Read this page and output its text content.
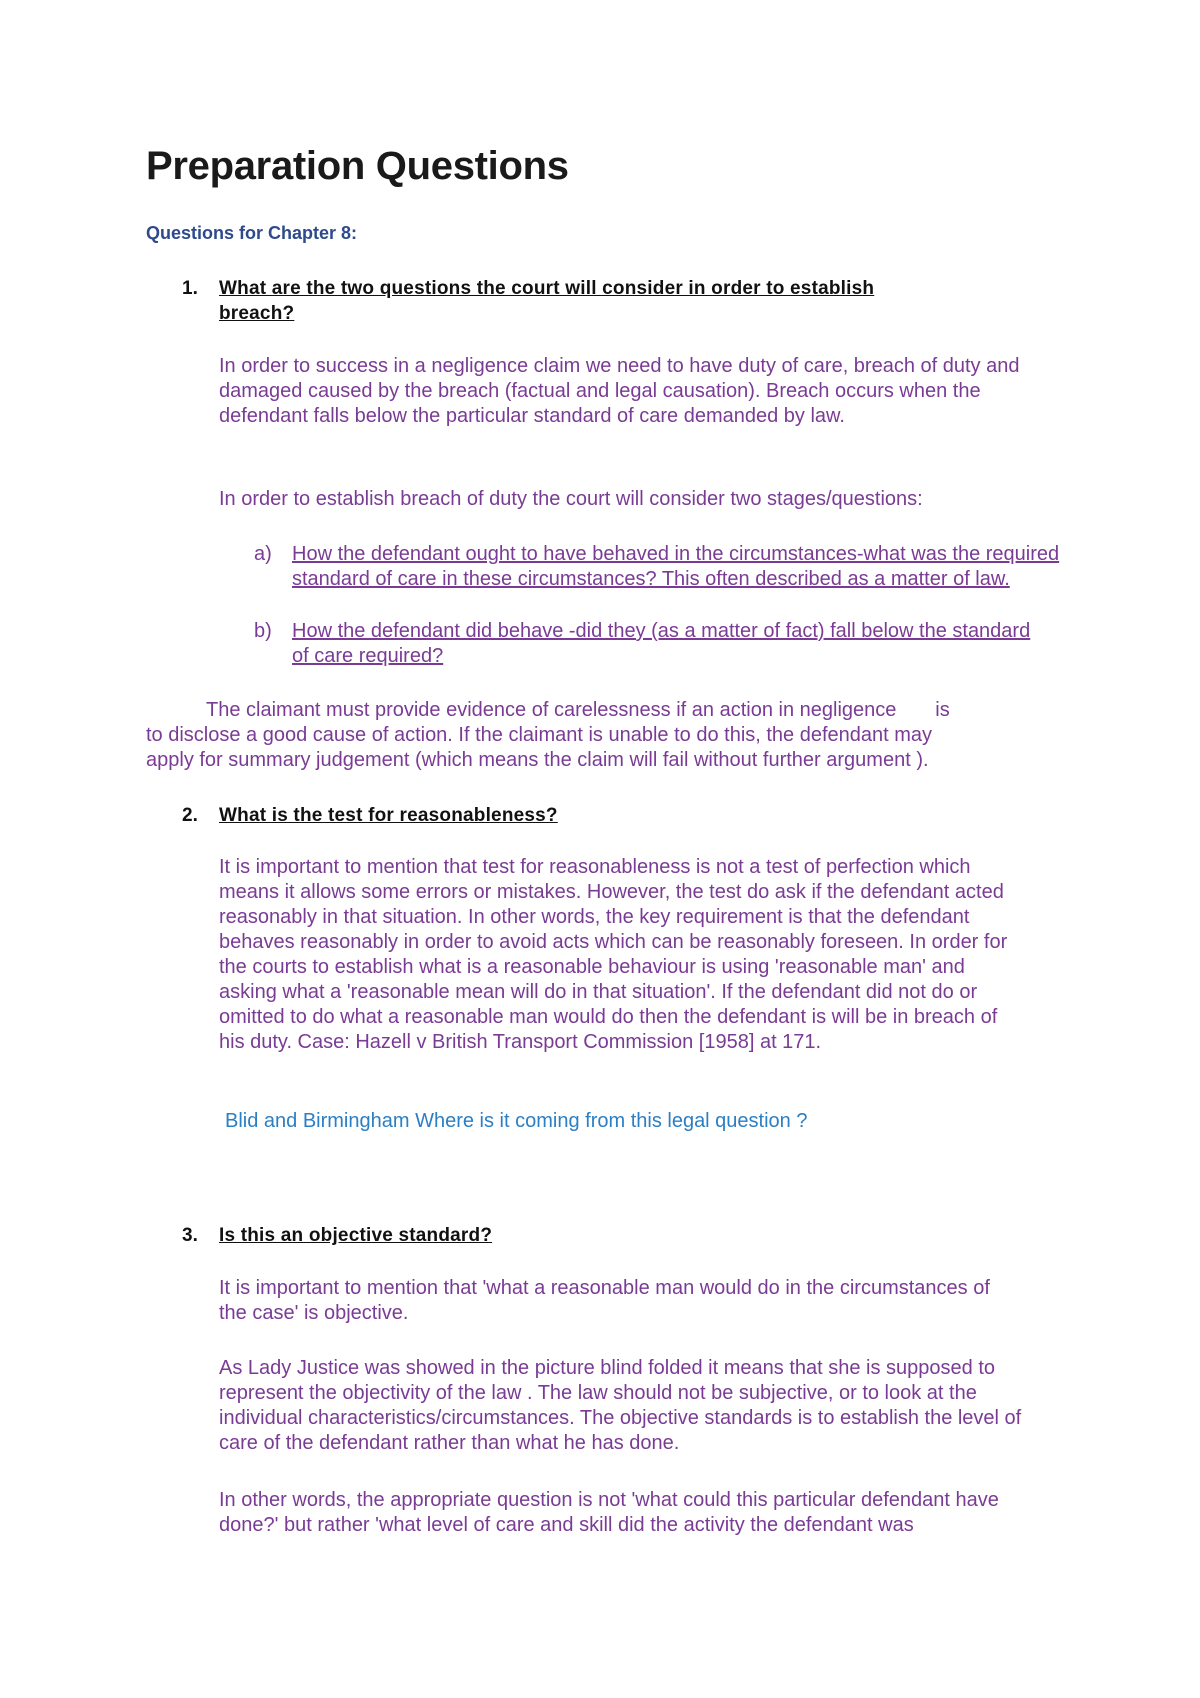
Preparation Questions
Questions for Chapter 8:
1. What are the two questions the court will consider in order to establish
breach?

In order to success in a negligence claim we need to have duty of care, breach of duty and damaged caused by the breach (factual and legal causation). Breach occurs when the defendant falls below the particular standard of care demanded by law.

In order to establish breach of duty the court will consider two stages/questions:

a) How the defendant ought to have behaved in the circumstances-what was the required standard of care in these circumstances? This often described as a matter of law.
b) How the defendant did behave -did they (as a matter of fact) fall below the standard of care required?
The claimant must provide evidence of carelessness if an action in negligence       is
to disclose a good cause of action. If the claimant is unable to do this, the defendant may
apply for summary judgement (which means the claim will fail without further argument ).
2. What is the test for reasonableness?

It is important to mention that test for reasonableness is not a test of perfection which means it allows some errors or mistakes. However, the test do ask if the defendant acted reasonably in that situation. In other words, the key requirement is that the defendant behaves reasonably in order to avoid acts which can be reasonably foreseen. In order for the courts to establish what is a reasonable behaviour is using 'reasonable man' and asking what a 'reasonable mean will do in that situation'. If the defendant did not do or omitted to do what a reasonable man would do then the defendant is will be in breach of his duty. Case: Hazell v British Transport Commission [1958] at 171.

Blid and Birmingham Where is it coming from this legal question ?
3. Is this an objective standard?

It is important to mention that 'what a reasonable man would do in the circumstances of the case' is objective.

As Lady Justice was showed in the picture blind folded it means that she is supposed to represent the objectivity of the law . The law should not be subjective, or to look at the individual characteristics/circumstances. The objective standards is to establish the level of care of the defendant rather than what he has done.

In other words, the appropriate question is not 'what could this particular defendant have done?' but rather 'what level of care and skill did the activity the defendant was
